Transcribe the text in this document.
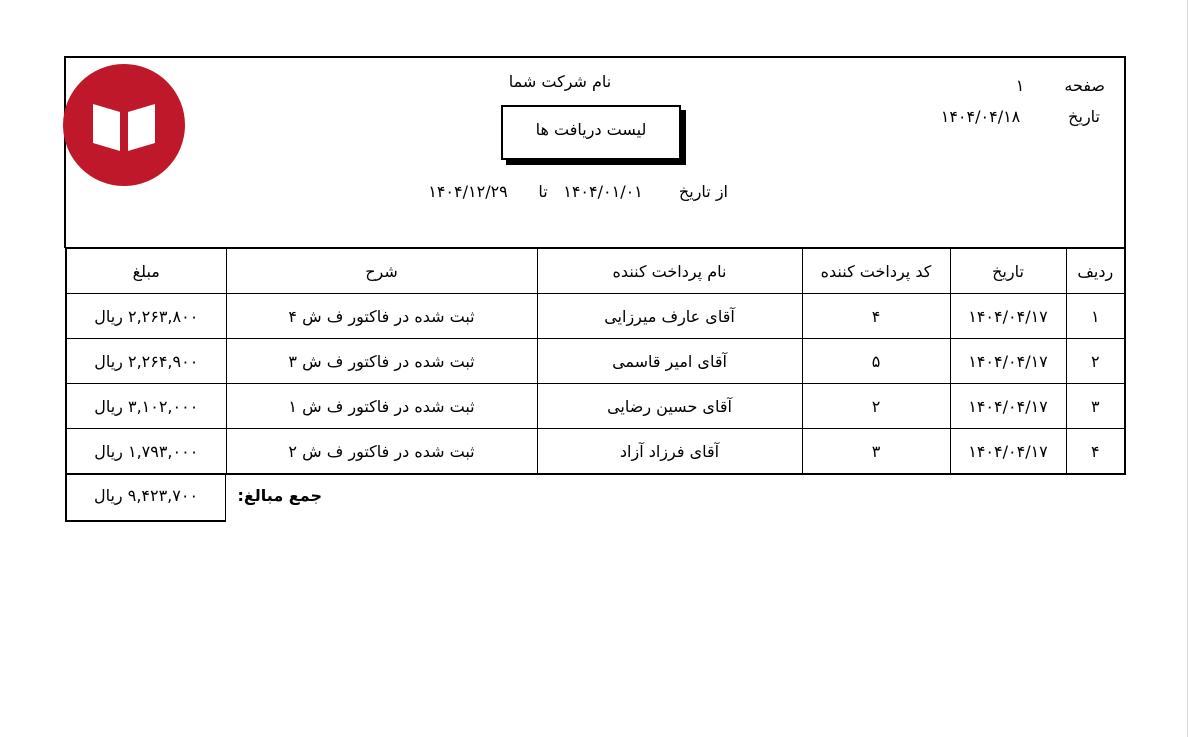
نام شرکت شما	صفحه
۱
تاریخ
۱۴۰۴/۰۴/۱۸
لیست دریافت ها
از تاریخ
۱۴۰۴/۰۱/۰۱
تا
۱۴۰۴/۱۲/۲۹
ردیف	تاریخ	کد پرداخت کننده	نام پرداخت کننده	شرح	مبلغ
۱	۱۴۰۴/۰۴/۱۷	۴	آقای عارف میرزایی	ثبت شده در فاکتور ف ش ۴	۲,۲۶۳,۸۰۰ ریال
۲	۱۴۰۴/۰۴/۱۷	۵	آقای امیر قاسمی	ثبت شده در فاکتور ف ش ۳	۲,۲۶۴,۹۰۰ ریال
۳	۱۴۰۴/۰۴/۱۷	۲	آقای حسین رضایی	ثبت شده در فاکتور ف ش ۱	۳,۱۰۲,۰۰۰ ریال
۴	۱۴۰۴/۰۴/۱۷	۳	آقای فرزاد آزاد	ثبت شده در فاکتور ف ش ۲	۱,۷۹۳,۰۰۰ ریال
۹,۴۲۳,۷۰۰ ریال	جمع مبالغ:
